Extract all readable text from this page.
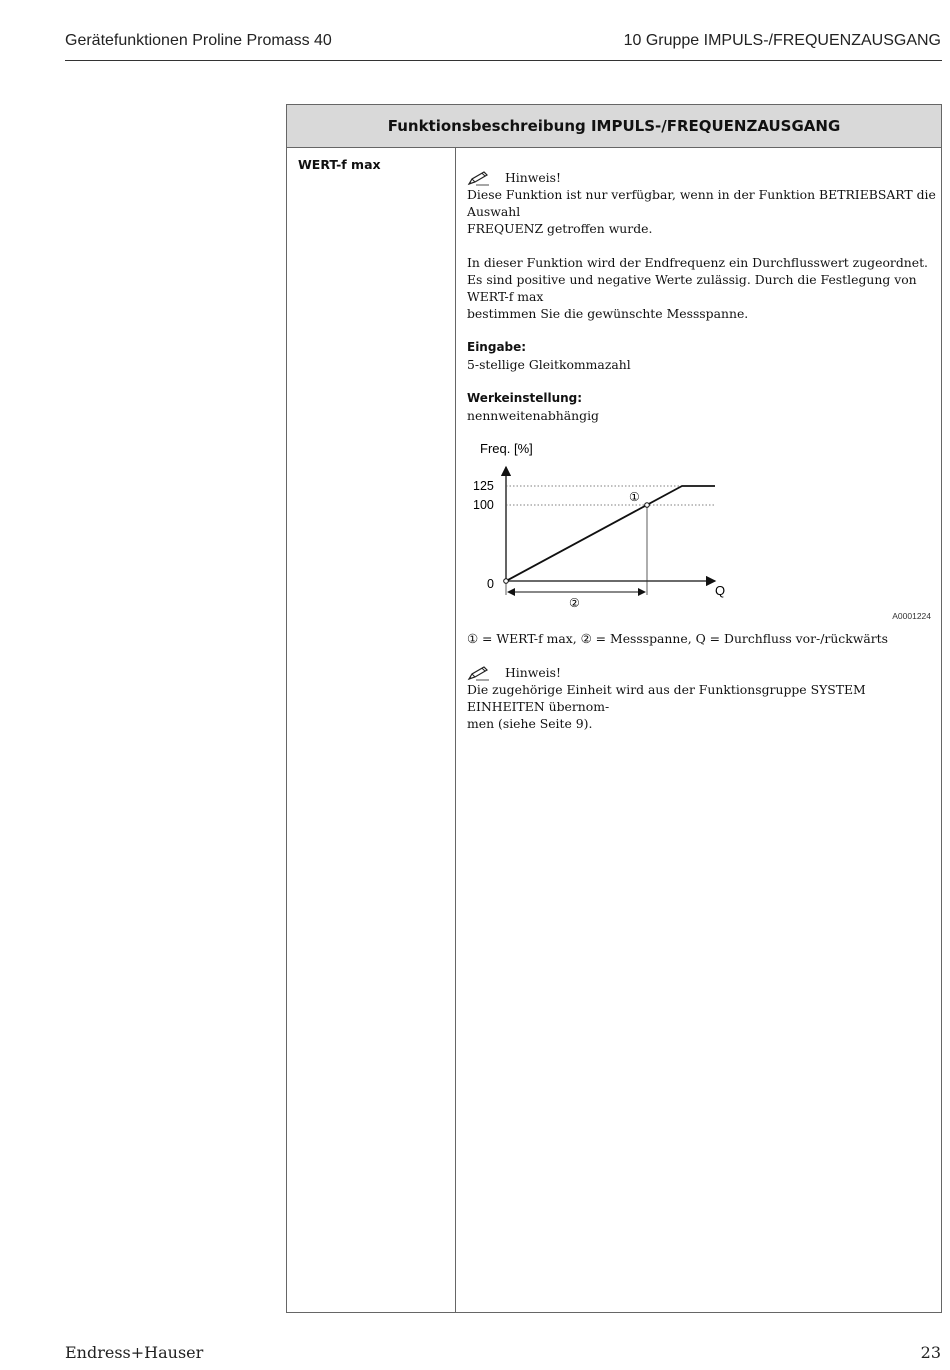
Gerätefunktionen Proline Promass 40	10 Gruppe IMPULS-/FREQUENZAUSGANG
Funktionsbeschreibung IMPULS-/FREQUENZAUSGANG
WERT-f max
Hinweis!

Diese Funktion ist nur verfügbar, wenn in der Funktion BETRIEBSART die Auswahl

FREQUENZ getroffen wurde.

In dieser Funktion wird der Endfrequenz ein Durchflusswert zugeordnet.

Es sind positive und negative Werte zulässig. Durch die Festlegung von WERT-f max

bestimmen Sie die gewünschte Messspanne.

Eingabe:

5-stellige Gleitkommazahl

Werkeinstellung:

nennweitenabhängig

Freq. [%]
Q
125
100
0
①
②
A0001224

① = WERT-f max, ② = Messspanne, Q = Durchfluss vor-/rückwärts

Hinweis!

Die zugehörige Einheit wird aus der Funktionsgruppe SYSTEM EINHEITEN übernom-

men (siehe Seite 9).

Endress+Hauser	23
